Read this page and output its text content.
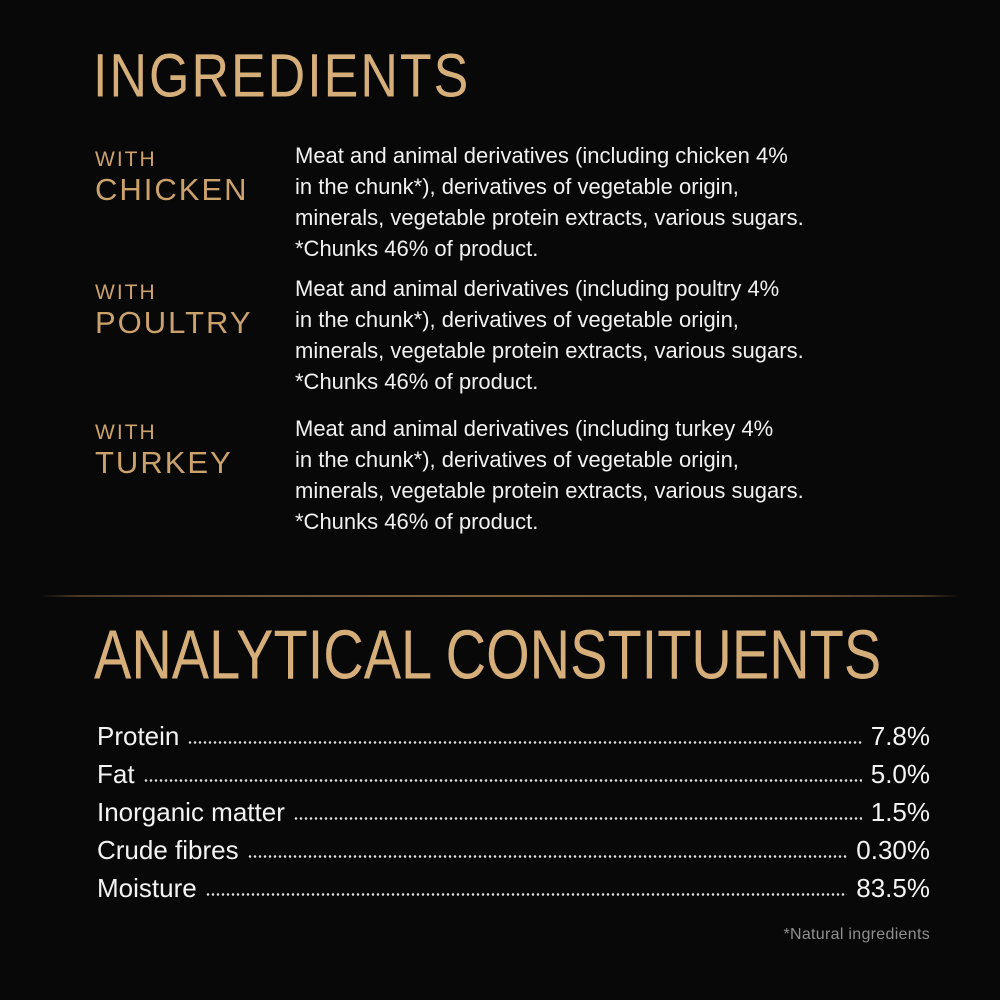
INGREDIENTS
WITH
CHICKEN
Meat and animal derivatives (including chicken 4%
in the chunk*), derivatives of vegetable origin,
minerals, vegetable protein extracts, various sugars.
*Chunks 46% of product.
WITH
POULTRY
Meat and animal derivatives (including poultry 4%
in the chunk*), derivatives of vegetable origin,
minerals, vegetable protein extracts, various sugars.
*Chunks 46% of product.
WITH
TURKEY
Meat and animal derivatives (including turkey 4%
in the chunk*), derivatives of vegetable origin,
minerals, vegetable protein extracts, various sugars.
*Chunks 46% of product.
ANALYTICAL CONSTITUENTS
Protein	7.8%
Fat	5.0%
Inorganic matter	1.5%
Crude fibres	0.30%
Moisture	83.5%
*Natural ingredients
